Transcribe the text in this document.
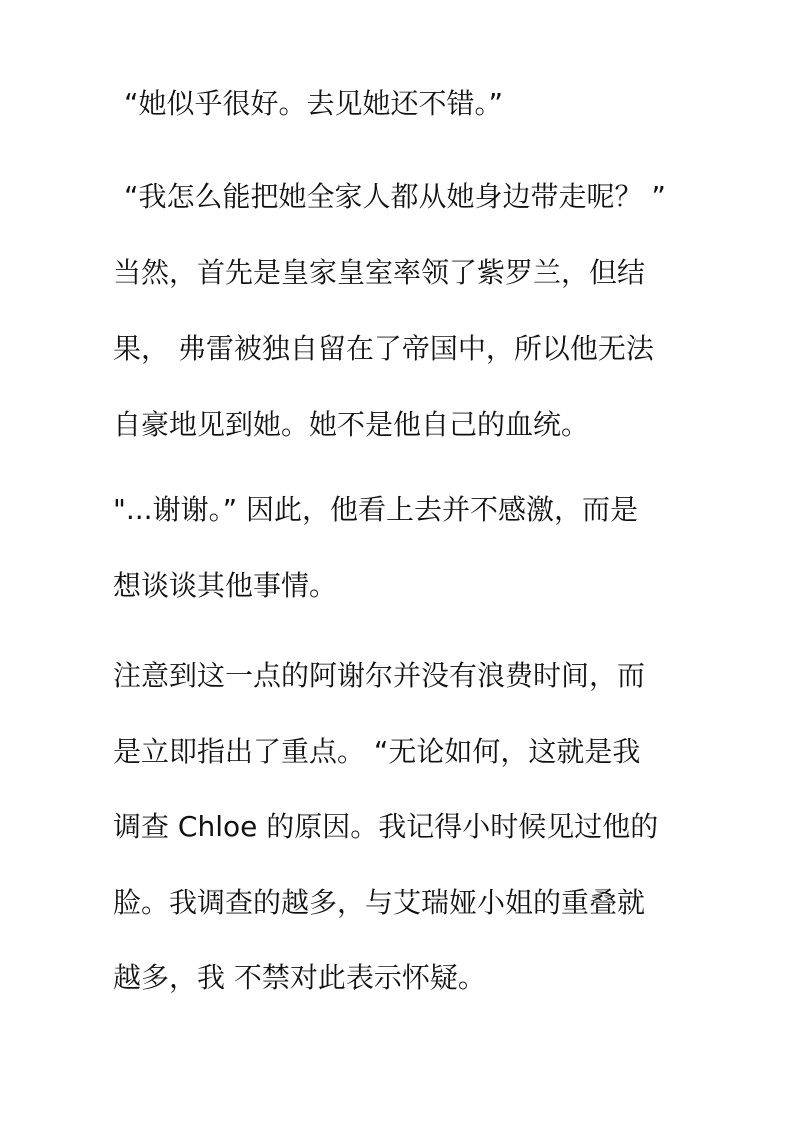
“她似乎很好。去见她还不错。”
“我怎么能把她全家人都从她身边带走呢？ ”
当然，首先是皇家皇室率领了紫罗兰，但结
果， 弗雷被独自留在了帝国中，所以他无法
自豪地见到她。她不是他自己的血统。
"...谢谢。” 因此，他看上去并不感激，而是
想谈谈其他事情。
注意到这一点的阿谢尔并没有浪费时间，而
是立即指出了重点。 “无论如何，这就是我
调查 Chloe 的原因。我记得小时候见过他的
脸。我调查的越多，与艾瑞娅小姐的重叠就
越多，我 不禁对此表示怀疑。
